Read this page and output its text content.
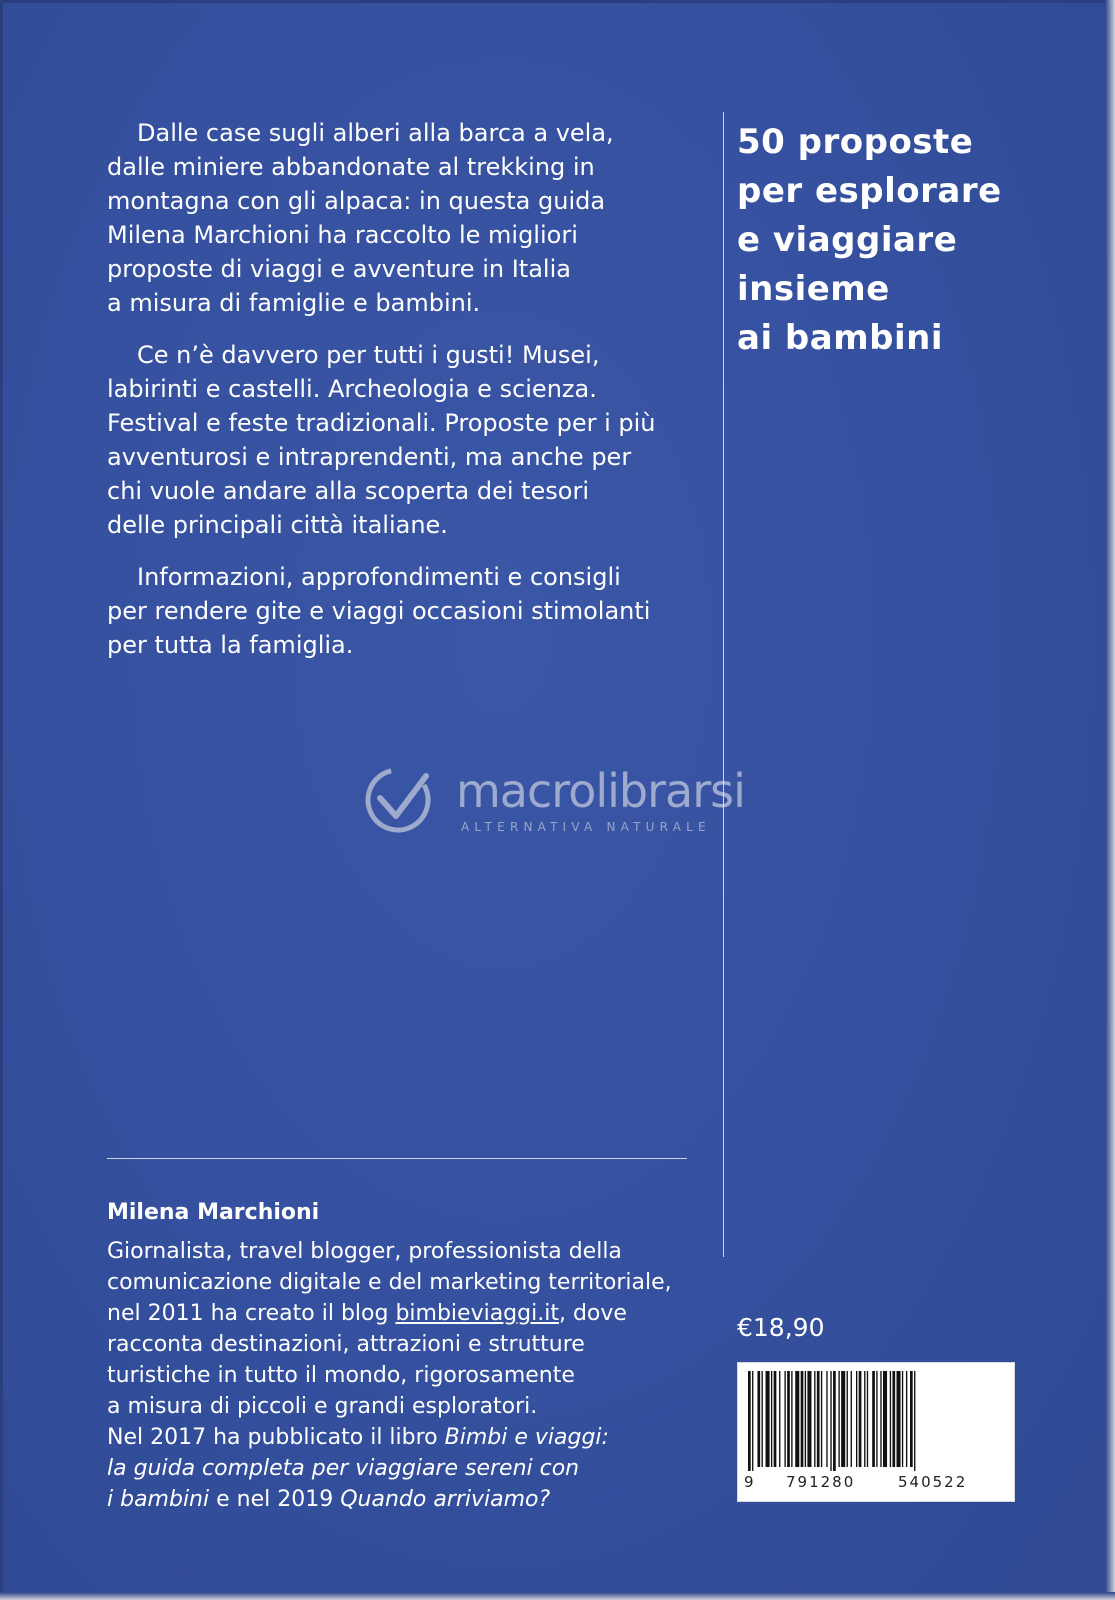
Dalle case sugli alberi alla barca a vela,
dalle miniere abbandonate al trekking in
montagna con gli alpaca: in questa guida
Milena Marchioni ha raccolto le migliori
proposte di viaggi e avventure in Italia
a misura di famiglie e bambini.
Ce n’è davvero per tutti i gusti! Musei,
labirinti e castelli. Archeologia e scienza.
Festival e feste tradizionali. Proposte per i più
avventurosi e intraprendenti, ma anche per
chi vuole andare alla scoperta dei tesori
delle principali città italiane.
Informazioni, approfondimenti e consigli
per rendere gite e viaggi occasioni stimolanti
per tutta la famiglia.
50 proposte
per esplorare
e viaggiare
insieme
ai bambini
macrolibrarsi
ALTERNATIVA NATURALE
Milena Marchioni
Giornalista, travel blogger, professionista della
comunicazione digitale e del marketing territoriale,
nel 2011 ha creato il blog bimbieviaggi.it, dove
racconta destinazioni, attrazioni e strutture
turistiche in tutto il mondo, rigorosamente
a misura di piccoli e grandi esploratori.
Nel 2017 ha pubblicato il libro Bimbi e viaggi:
la guida completa per viaggiare sereni con
i bambini e nel 2019 Quando arriviamo?
€18,90
9 791280	540522
